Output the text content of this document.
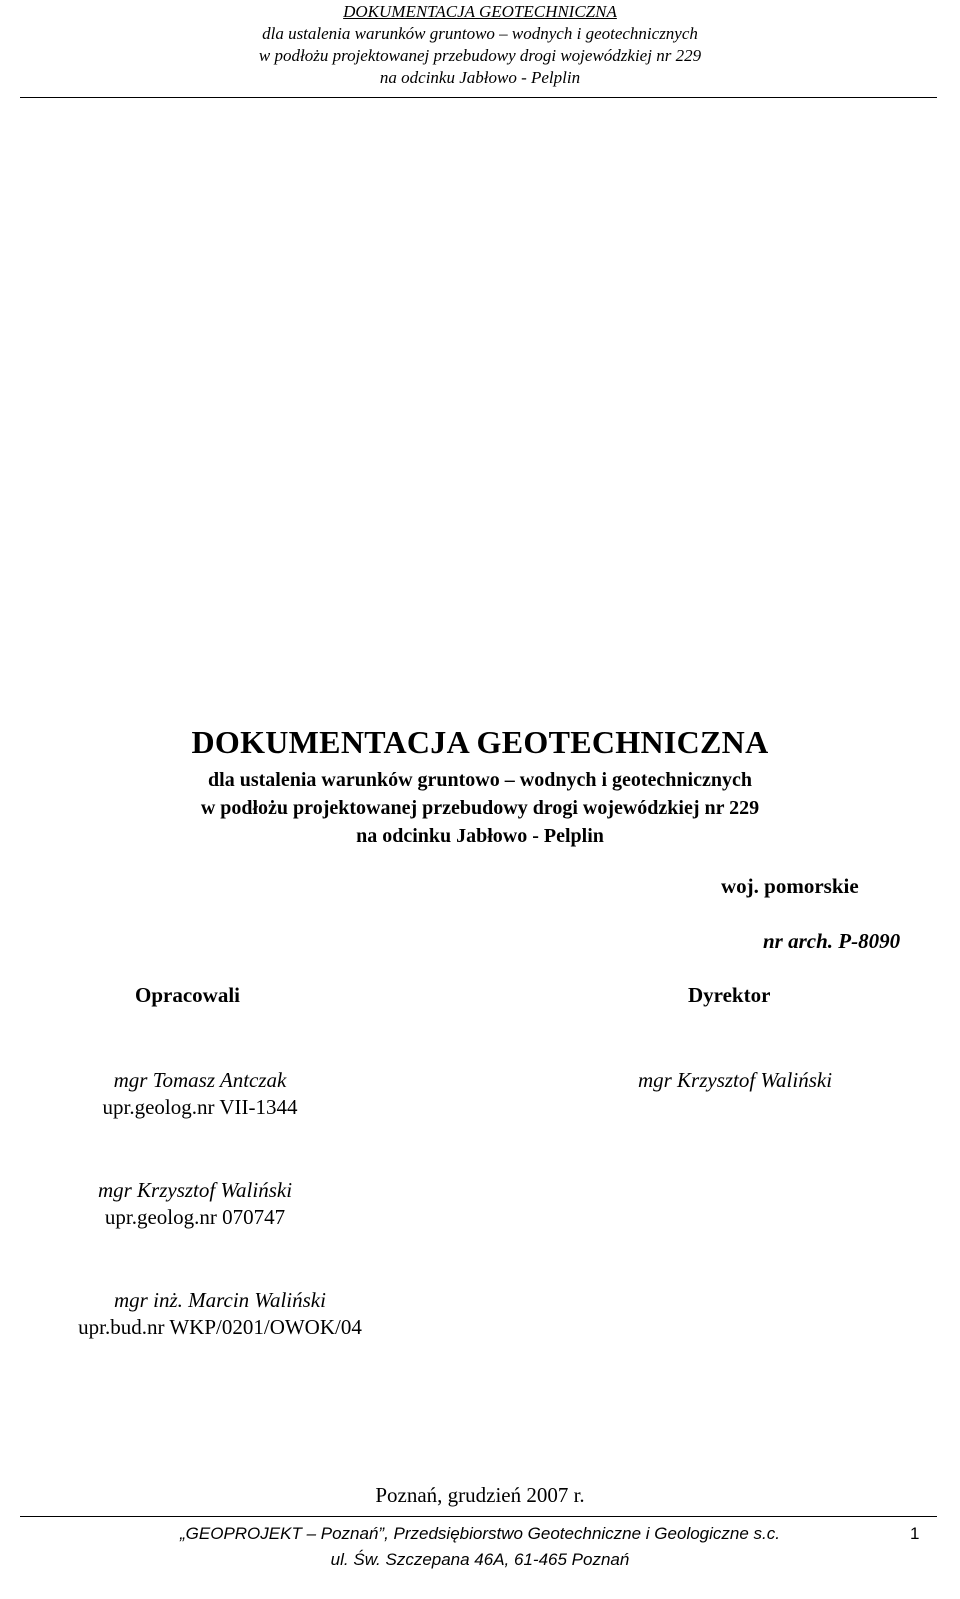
DOKUMENTACJA GEOTECHNICZNA
dla ustalenia warunków gruntowo – wodnych i geotechnicznych
w podłożu projektowanej przebudowy drogi wojewódzkiej nr 229
na odcinku Jabłowo - Pelplin
DOKUMENTACJA GEOTECHNICZNA
dla ustalenia warunków gruntowo – wodnych i geotechnicznych
w podłożu projektowanej przebudowy drogi wojewódzkiej nr 229
na odcinku Jabłowo - Pelplin
woj. pomorskie
nr arch. P-8090
Opracowali	Dyrektor
mgr Tomasz Antczak
upr.geolog.nr VII-1344
mgr Krzysztof Waliński
mgr Krzysztof Waliński
upr.geolog.nr 070747
mgr inż. Marcin Waliński
upr.bud.nr WKP/0201/OWOK/04
Poznań, grudzień 2007 r.
„GEOPROJEKT – Poznań”, Przedsiębiorstwo Geotechniczne i Geologiczne s.c.
ul. Św. Szczepana 46A, 61-465 Poznań
1
